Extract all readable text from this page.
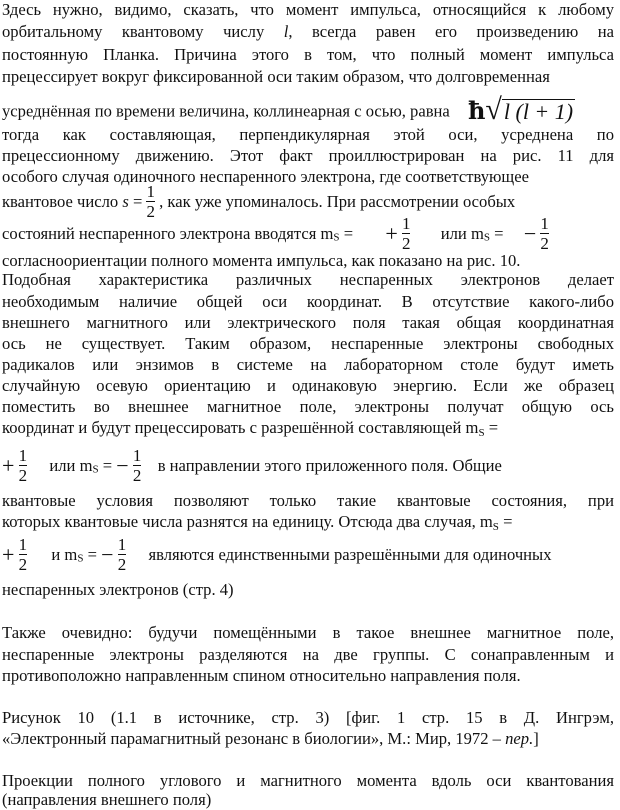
Здесь нужно, видимо, сказать, что момент импульса, относящийся к любому
орбитальному квантовому числу l, всегда равен его произведению на
постоянную Планка. Причина этого в том, что полный момент импульса
прецессирует вокруг фиксированной оси таким образом, что долговременная
усреднённая по времени величина, коллинеарная с осью, равна ħ√l (l + 1)
тогда как составляющая, перпендикулярная этой оси, усреднена по
прецессионному движению. Этот факт проиллюстрирован на рис. 11 для
особого случая одиночного неспаренного электрона, где соответствующее
квантовое число $s = \frac{1}{2}$ , как уже упоминалось. При рассмотрении особых
состояний неспаренного электрона вводятся $m_S$ = + $\frac{1}{2}$ или $m_S$ = − $\frac{1}{2}$
согласноориентации полного момента импульса, как показано на рис. 10.
Подобная характеристика различных неспаренных электронов делает
необходимым наличие общей оси координат. В отсутствие какого-либо
внешнего магнитного или электрического поля такая общая координатная
ось не существует. Таким образом, неспаренные электроны свободных
радикалов или энзимов в системе на лабораторном столе будут иметь
случайную осевую ориентацию и одинаковую энергию. Если же образец
поместить во внешнее магнитное поле, электроны получат общую ось
координат и будут прецессировать с разрешённой составляющей $m_S$ =
+ $\frac{1}{2}$ или $m_S$ = − $\frac{1}{2}$ в направлении этого приложенного поля. Общие
квантовые условия позволяют только такие квантовые состояния, при
которых квантовые числа разнятся на единицу. Отсюда два случая, $m_S$ =
+ $\frac{1}{2}$ и $m_S$ = − $\frac{1}{2}$ являются единственными разрешёнными для одиночных
неспаренных электронов (стр. 4)
Также очевидно: будучи помещёнными в такое внешнее магнитное поле,
неспаренные электроны разделяются на две группы. С сонаправленным и
противоположно направленным спином относительно направления поля.
Рисунок 10 (1.1 в источнике, стр. 3) [фиг. 1 стр. 15 в Д. Ингрэм,
«Электронный парамагнитный резонанс в биологии», М.: Мир, 1972 – пер.]
Проекции полного углового и магнитного момента вдоль оси квантования
(направления внешнего поля)
